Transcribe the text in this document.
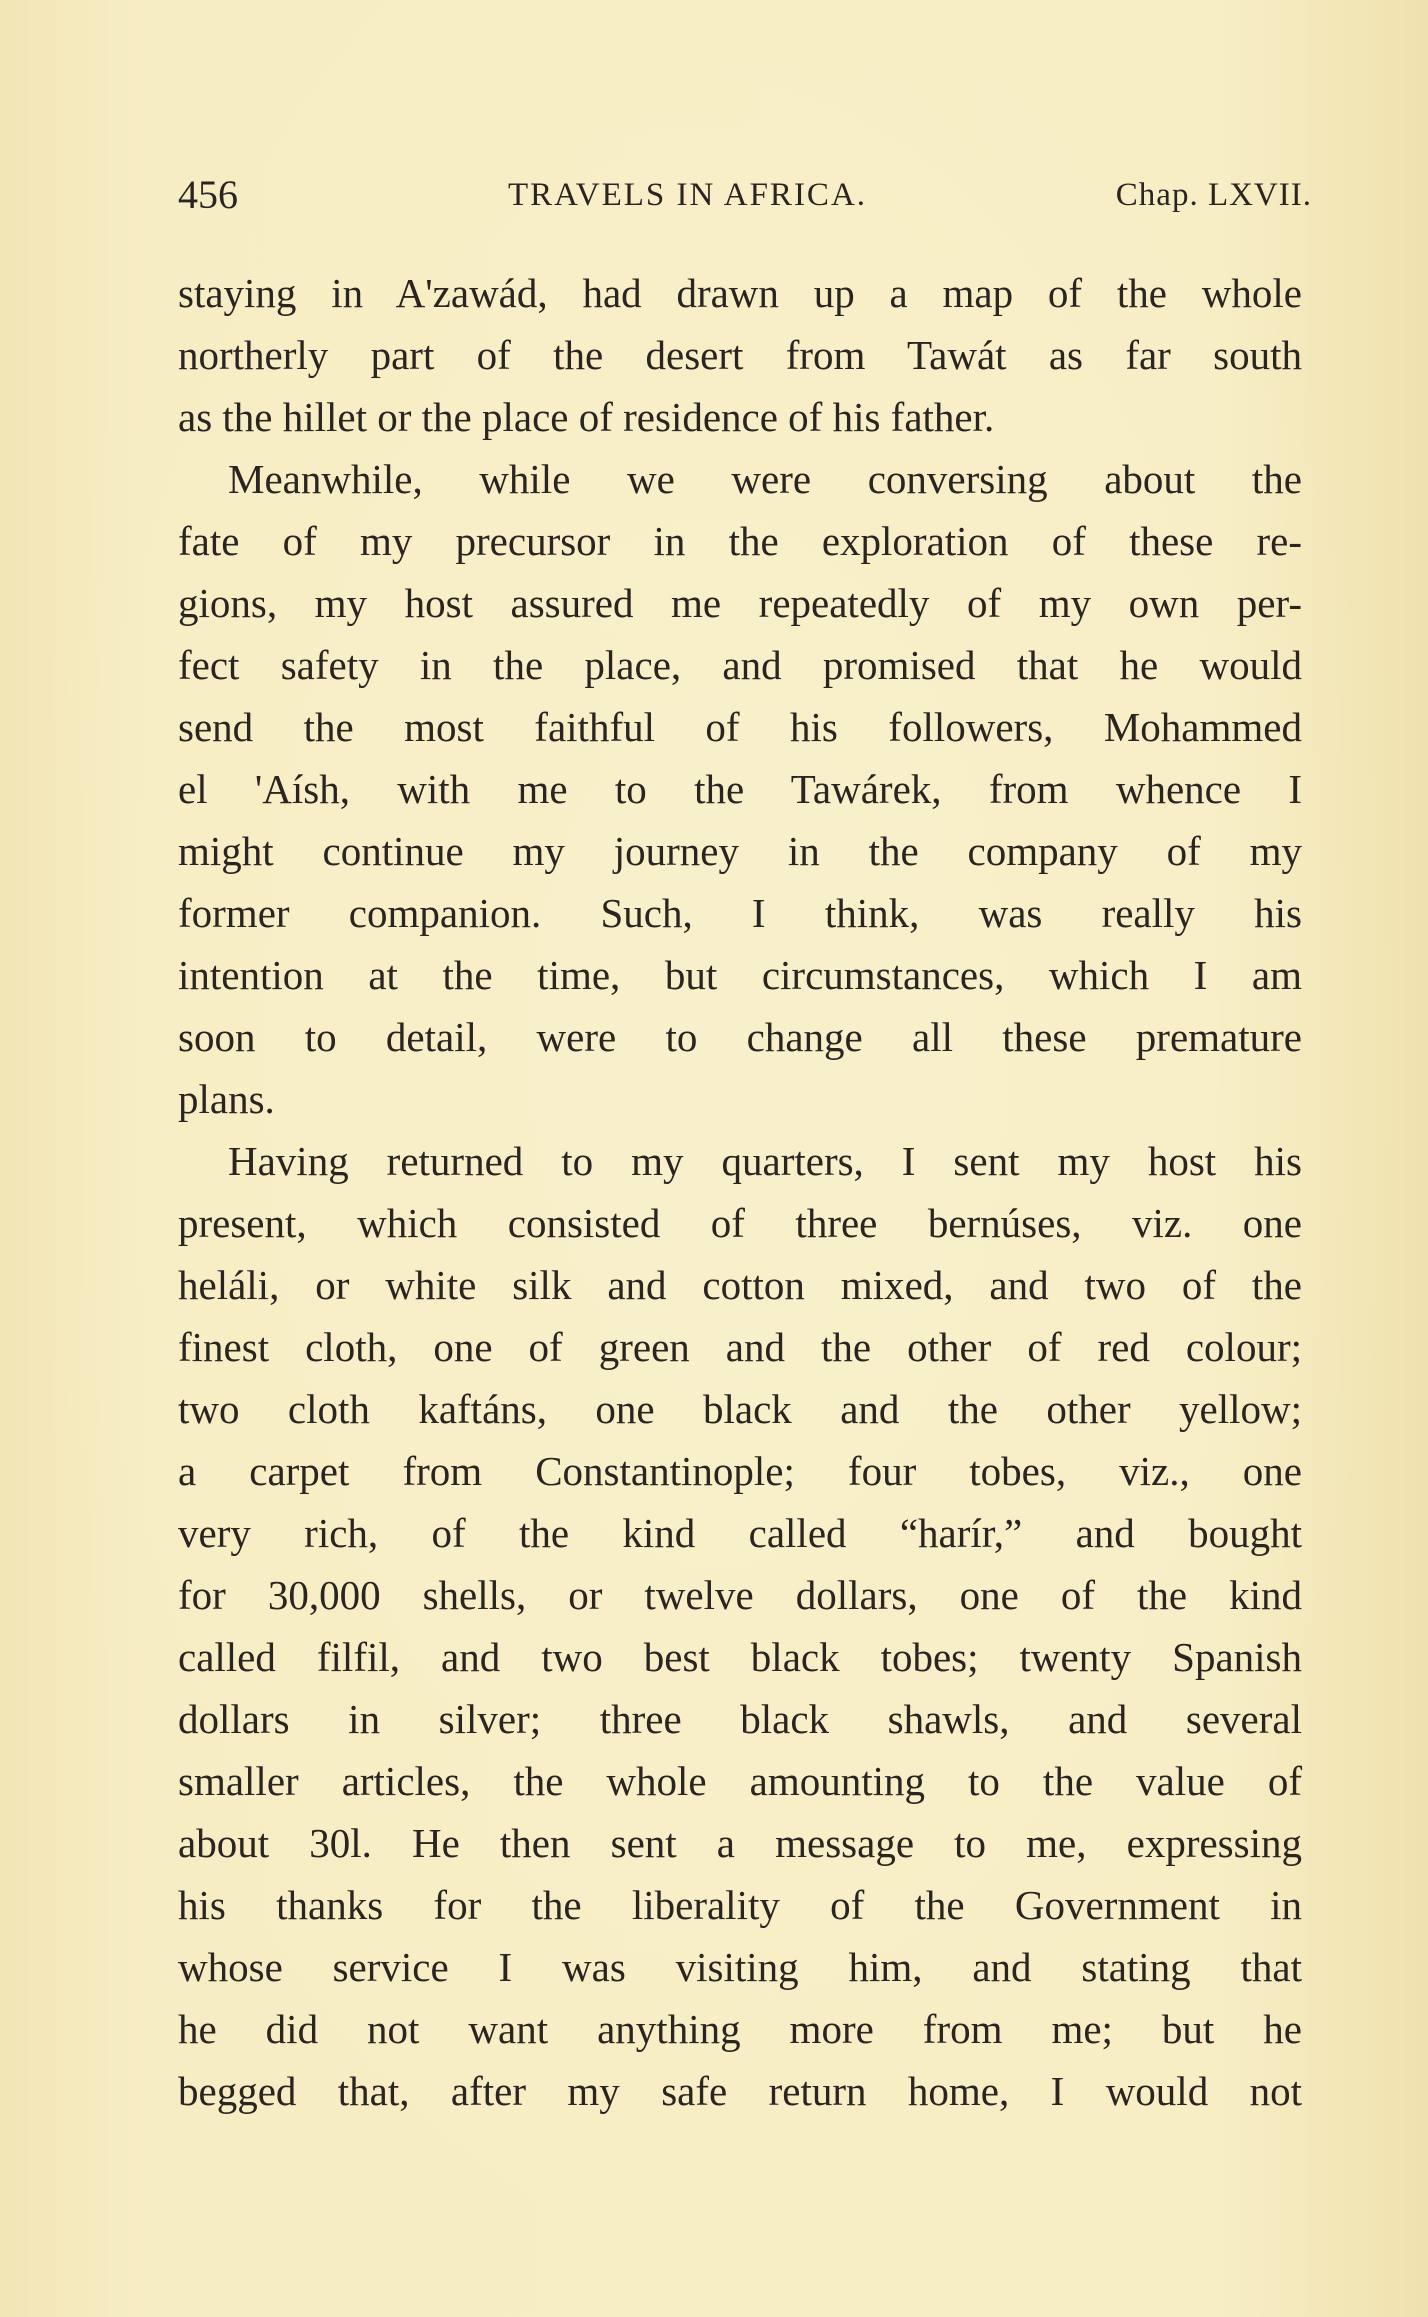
456	TRAVELS IN AFRICA.	Chap. LXVII.
staying in A'zawád, had drawn up a map of the whole
northerly part of the desert from Tawát as far south
as the hillet or the place of residence of his father.
Meanwhile, while we were conversing about the
fate of my precursor in the exploration of these re-
gions, my host assured me repeatedly of my own per-
fect safety in the place, and promised that he would
send the most faithful of his followers, Mohammed
el 'Aísh, with me to the Tawárek, from whence I
might continue my journey in the company of my
former companion. Such, I think, was really his
intention at the time, but circumstances, which I am
soon to detail, were to change all these premature
plans.
Having returned to my quarters, I sent my host his
present, which consisted of three bernúses, viz. one
heláli, or white silk and cotton mixed, and two of the
finest cloth, one of green and the other of red colour;
two cloth kaftáns, one black and the other yellow;
a carpet from Constantinople; four tobes, viz., one
very rich, of the kind called “harír,” and bought
for 30,000 shells, or twelve dollars, one of the kind
called filfil, and two best black tobes; twenty Spanish
dollars in silver; three black shawls, and several
smaller articles, the whole amounting to the value of
about 30l. He then sent a message to me, expressing
his thanks for the liberality of the Government in
whose service I was visiting him, and stating that
he did not want anything more from me; but he
begged that, after my safe return home, I would not
